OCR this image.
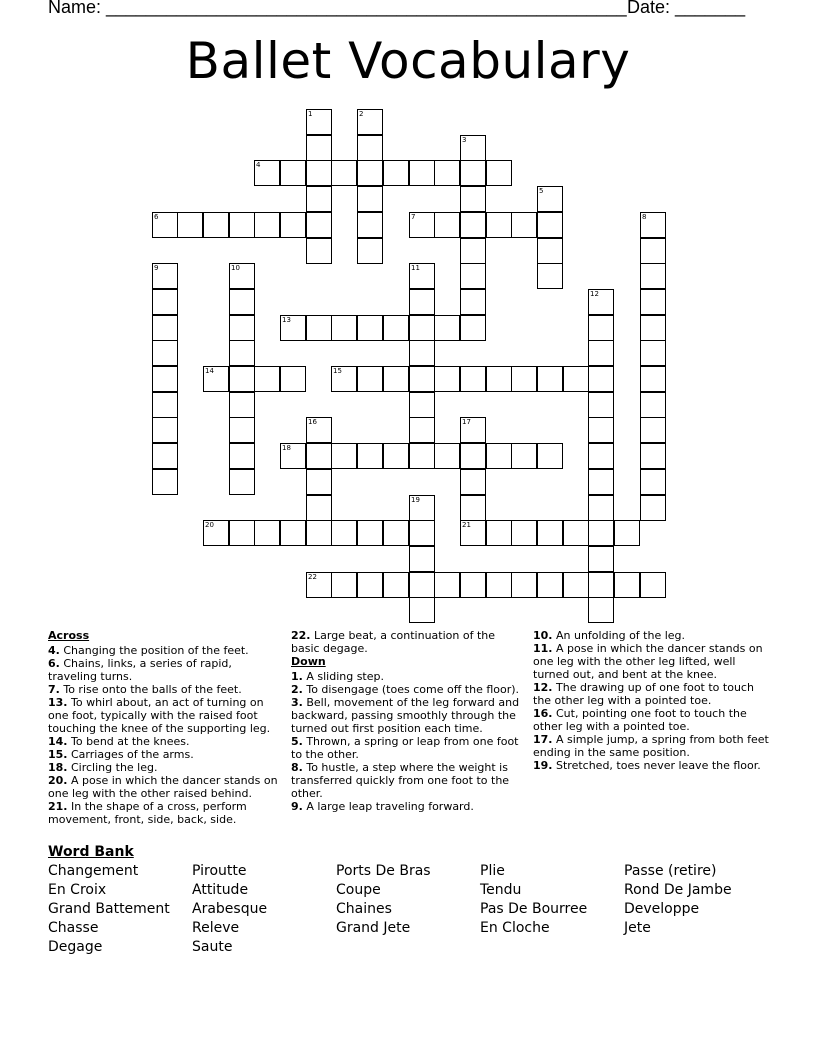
Name: ____________________________________________________ Date: _______
Ballet Vocabulary
1	2
3
4
5
6	7	8
9	10	11
12
13
14	15
16	17
21
18
19
20
22
Across
4. Changing the position of the feet.
6. Chains, links, a series of rapid, traveling turns.
7. To rise onto the balls of the feet.
13. To whirl about, an act of turning on one foot, typically with the raised foot touching the knee of the supporting leg.
14. To bend at the knees.
15. Carriages of the arms.
18. Circling the leg.
20. A pose in which the dancer stands on one leg with the other raised behind.
21. In the shape of a cross, perform movement, front, side, back, side.
22. Large beat, a continuation of the basic degage.
Down
1. A sliding step.
2. To disengage (toes come off the floor).
3. Bell, movement of the leg forward and backward, passing smoothly through the turned out first position each time.
5. Thrown, a spring or leap from one foot to the other.
8. To hustle, a step where the weight is transferred quickly from one foot to the other.
9. A large leap traveling forward.
10. An unfolding of the leg.
11. A pose in which the dancer stands on one leg with the other leg lifted, well turned out, and bent at the knee.
12. The drawing up of one foot to touch the other leg with a pointed toe.
16. Cut, pointing one foot to touch the other leg with a pointed toe.
17. A simple jump, a spring from both feet ending in the same position.
19. Stretched, toes never leave the floor.
Word Bank
Changement
En Croix
Grand Battement
Chasse
Degage
Piroutte
Attitude
Arabesque
Releve
Saute
Ports De Bras
Coupe
Chaines
Grand Jete
Plie
Tendu
Pas De Bourree
En Cloche
Passe (retire)
Rond De Jambe
Developpe
Jete
